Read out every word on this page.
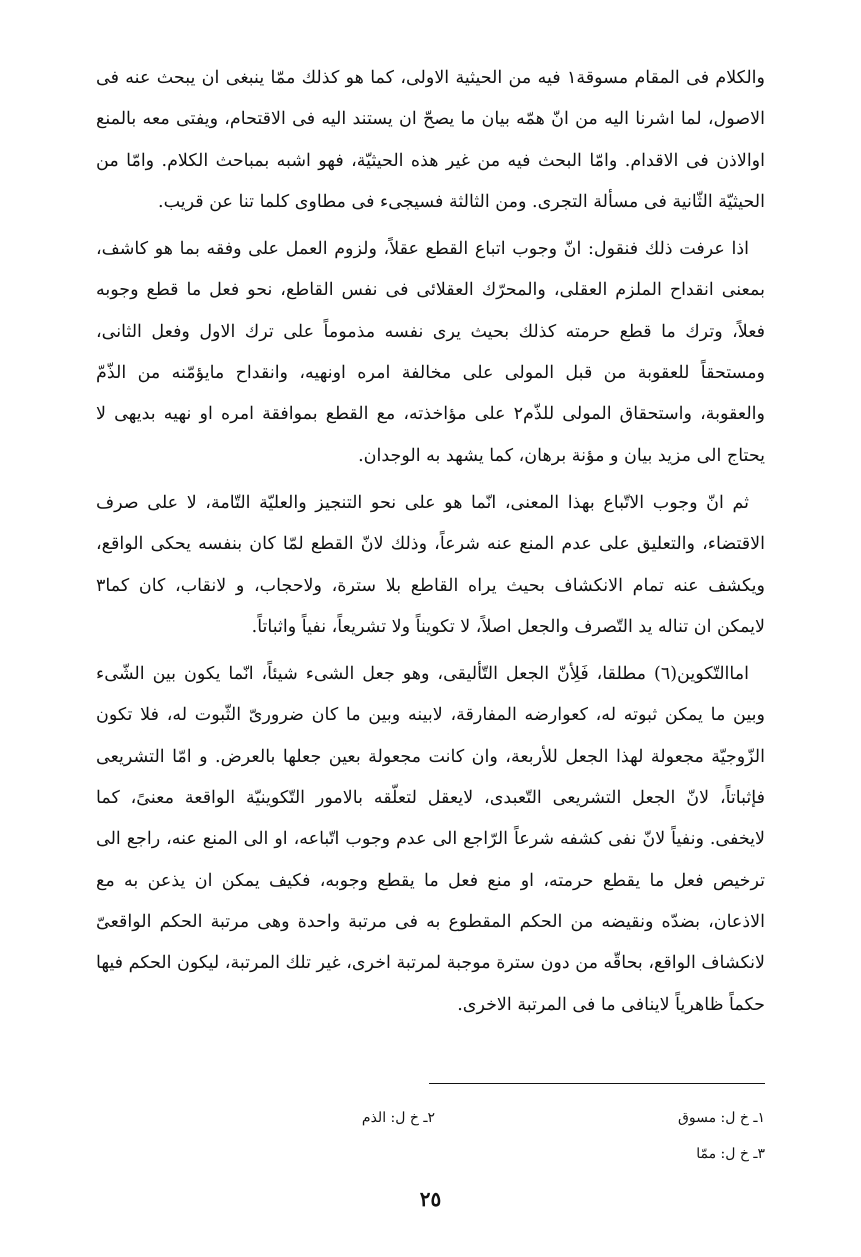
والكلام فى المقام مسوقة١ فيه من الحيثية الاولى، كما هو كذلك ممّا ينبغى ان يبحث عنه فى الاصول، لما اشرنا اليه من انّ همّه بيان ما يصحّ ان يستند اليه فى الاقتحام، ويفتى معه بالمنع اوالاذن فى الاقدام. وامّا البحث فيه من غير هذه الحيثيّة، فهو اشبه بمباحث الكلام. وامّا من الحيثيّة الثّانية فى مسألة التجرى. ومن الثالثة فسيجىء فى مطاوى كلما تنا عن قريب.

اذا عرفت ذلك فنقول: انّ وجوب اتباع القطع عقلاً، ولزوم العمل على وفقه بما هو كاشف، بمعنى انقداح الملزم العقلى، والمحرّك العقلائى فى نفس القاطع، نحو فعل ما قطع وجوبه فعلاً، وترك ما قطع حرمته كذلك بحيث يرى نفسه مذموماً على ترك الاول وفعل الثانى، ومستحقاً للعقوبة من قبل المولى على مخالفة امره اونهيه، وانقداح مايؤمّنه من الذّمّ والعقوبة، واستحقاق المولى للذّم٢ على مؤاخذته، مع القطع بموافقة امره او نهيه بديهى لا يحتاج الى مزيد بيان و مؤنة برهان، كما يشهد به الوجدان.

ثم انّ وجوب الاتّباع بهذا المعنى، انّما هو على نحو التنجيز والعليّة التّامة، لا على صرف الاقتضاء، والتعليق على عدم المنع عنه شرعاً، وذلك لانّ القطع لمّا كان بنفسه يحكى الواقع، ويكشف عنه تمام الانكشاف بحيث يراه القاطع بلا سترة، ولاحجاب، و لانقاب، كان كما٣ لايمكن ان تناله يد التّصرف والجعل اصلاً، لا تكويناً ولا تشريعاً، نفياً واثباتاً.

اماالتّكوين(٦) مطلقا، فَلِأنّ الجعل التّأليقى، وهو جعل الشىء شيئاً، انّما يكون بين الشّىء وبين ما يمكن ثبوته له، كعوارضه المفارقة، لابينه وبين ما كان ضرورىّ الثّبوت له، فلا تكون الزّوجيّة مجعولة لهذا الجعل للأربعة، وان كانت مجعولة بعين جعلها بالعرض. و امّا التشريعى فإثباتاً، لانّ الجعل التشريعى التّعبدى، لايعقل لتعلّقه بالامور التّكوينيّة الواقعة معنىً، كما لايخفى. ونفياً لانّ نفى كشفه شرعاً الرّاجع الى عدم وجوب اتّباعه، او الى المنع عنه، راجع الى ترخيص فعل ما يقطع حرمته، او منع فعل ما يقطع وجوبه، فكيف يمكن ان يذعن به مع الاذعان، بضدّه ونقيضه من الحكم المقطوع به فى مرتبة واحدة وهى مرتبة الحكم الواقعىّ لانكشاف الواقع، بحاقّه من دون سترة موجبة لمرتبة اخرى، غير تلك المرتبة، ليكون الحكم فيها حكماً ظاهرياً لاينافى ما فى المرتبة الاخرى.

١ـ خ ل: مسوق
٢ـ خ ل: الذم
٣ـ خ ل: ممّا
٢٥
